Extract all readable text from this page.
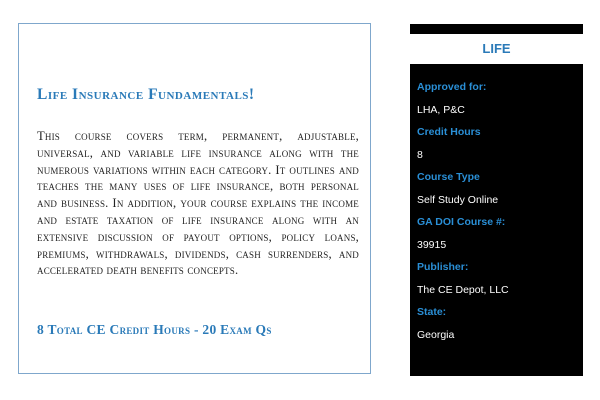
Life Insurance Fundamentals!

This course covers term, permanent, adjustable, universal, and variable life insurance along with the numerous variations within each category. It outlines and teaches the many uses of life insurance, both personal and business. In addition, your course explains the income and estate taxation of life insurance along with an extensive discussion of payout options, policy loans, premiums, withdrawals, dividends, cash surrenders, and accelerated death benefits concepts.

8 Total CE Credit Hours - 20 Exam Qs

LIFE
Approved for:
LHA, P&C
Credit Hours
8
Course Type
Self Study Online
GA DOI Course #:
39915
Publisher:
The CE Depot, LLC
State:
Georgia
